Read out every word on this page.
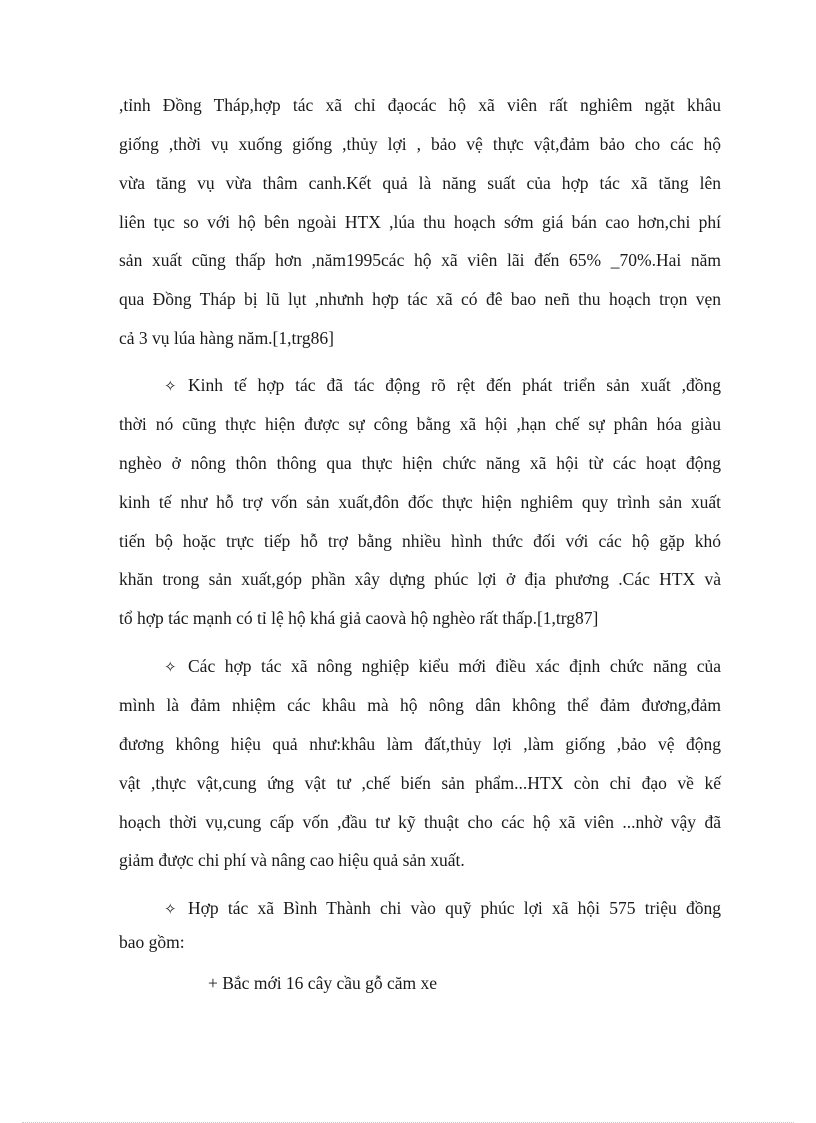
,tỉnh Đồng Tháp,hợp tác xã chỉ đạocác hộ xã viên rất nghiêm ngặt khâu
giống ,thời vụ xuống giống ,thủy lợi , bảo vệ thực vật,đảm bảo cho các hộ
vừa tăng vụ vừa thâm canh.Kết quả là năng suất của hợp tác xã tăng lên
liên tục so với hộ bên ngoài HTX ,lúa thu hoạch sớm giá bán cao hơn,chi phí
sản xuất cũng thấp hơn ,năm1995các hộ xã viên lãi đến 65% _70%.Hai năm
qua Đồng Tháp bị lũ lụt ,nhưnh hợp tác xã có đê bao neñ thu hoạch trọn vẹn
cả 3 vụ lúa hàng năm.[1,trg86]
✧ Kinh tế hợp tác đã tác động rõ rệt đến phát triển sản xuất ,đồng
thời nó cũng thực hiện được sự công bằng xã hội ,hạn chế sự phân hóa giàu
nghèo ở nông thôn thông qua thực hiện chức năng xã hội từ các hoạt động
kinh tế như hỗ trợ vốn sản xuất,đôn đốc thực hiện nghiêm quy trình sản xuất
tiến bộ hoặc trực tiếp hỗ trợ bằng nhiều hình thức đối với các hộ gặp khó
khăn trong sản xuất,góp phần xây dựng phúc lợi ở địa phương .Các HTX và
tổ hợp tác mạnh có tỉ lệ hộ khá giả caovà hộ nghèo rất thấp.[1,trg87]
✧ Các hợp tác xã nông nghiệp kiểu mới điều xác định chức năng của
mình là đảm nhiệm các khâu mà hộ nông dân không thể đảm đương,đảm
đương không hiệu quả như:khâu làm đất,thủy lợi ,làm giống ,bảo vệ động
vật ,thực vật,cung ứng vật tư ,chế biến sản phẩm...HTX còn chỉ đạo về kế
hoạch thời vụ,cung cấp vốn ,đầu tư kỹ thuật cho các hộ xã viên ...nhờ vậy đã
giảm được chi phí và nâng cao hiệu quả sản xuất.
✧ Hợp tác xã Bình Thành chi vào quỹ phúc lợi xã hội 575 triệu đồng
bao gồm:
+ Bắc mới 16 cây cầu gỗ căm xe
